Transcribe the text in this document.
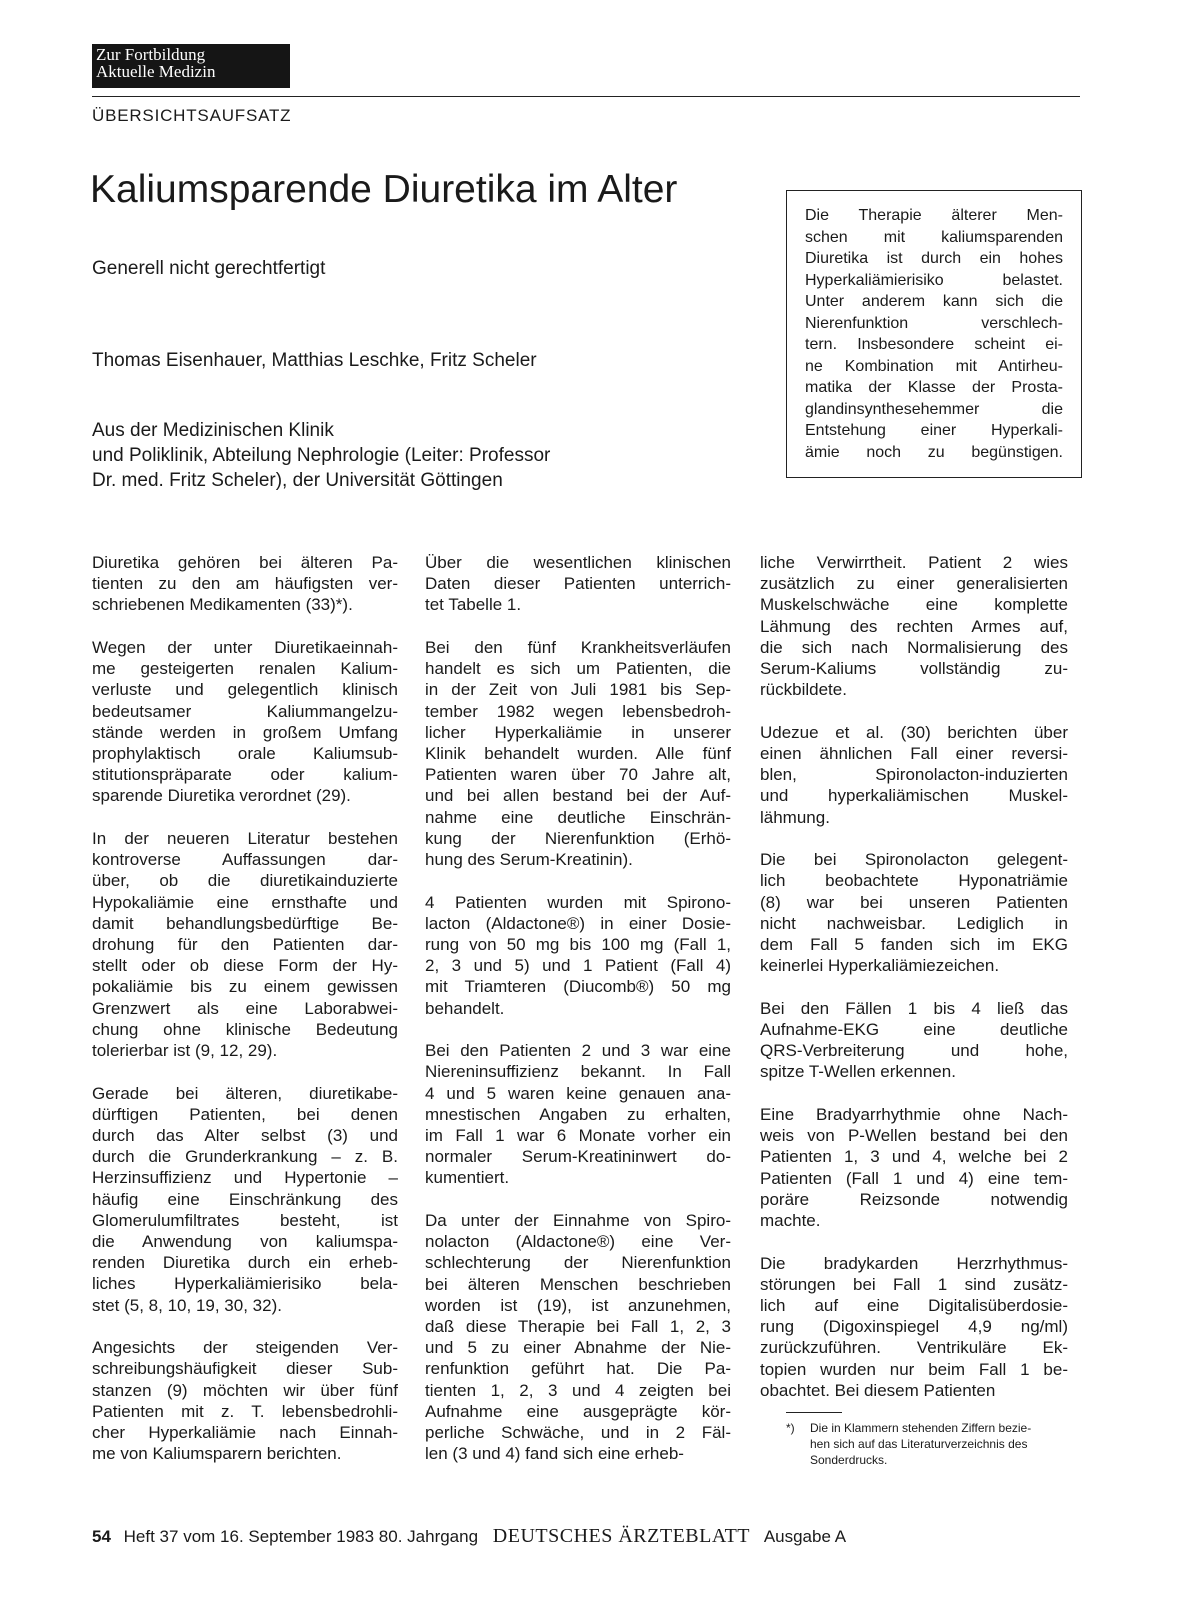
Zur Fortbildung
Aktuelle Medizin
ÜBERSICHTSAUFSATZ
Kaliumsparende Diuretika im Alter
Generell nicht gerechtfertigt
Thomas Eisenhauer, Matthias Leschke, Fritz Scheler
Aus der Medizinischen Klinik
und Poliklinik, Abteilung Nephrologie (Leiter: Professor
Dr. med. Fritz Scheler), der Universität Göttingen
Die Therapie älterer Men-
schen mit kaliumsparenden
Diuretika ist durch ein hohes
Hyperkaliämierisiko belastet.
Unter anderem kann sich die
Nierenfunktion verschlech-
tern. Insbesondere scheint ei-
ne Kombination mit Antirheu-
matika der Klasse der Prosta-
glandinsynthesehemmer die
Entstehung einer Hyperkali-
ämie noch zu begünstigen.
Diuretika gehören bei älteren Pa-
tienten zu den am häufigsten ver-
schriebenen Medikamenten (33)*).
Wegen der unter Diuretikaeinnah-
me gesteigerten renalen Kalium-
verluste und gelegentlich klinisch
bedeutsamer Kaliummangelzu-
stände werden in großem Umfang
prophylaktisch orale Kaliumsub-
stitutionspräparate oder kalium-
sparende Diuretika verordnet (29).
In der neueren Literatur bestehen
kontroverse Auffassungen dar-
über, ob die diuretikainduzierte
Hypokaliämie eine ernsthafte und
damit behandlungsbedürftige Be-
drohung für den Patienten dar-
stellt oder ob diese Form der Hy-
pokaliämie bis zu einem gewissen
Grenzwert als eine Laborabwei-
chung ohne klinische Bedeutung
tolerierbar ist (9, 12, 29).
Gerade bei älteren, diuretikabe-
dürftigen Patienten, bei denen
durch das Alter selbst (3) und
durch die Grunderkrankung – z. B.
Herzinsuffizienz und Hypertonie –
häufig eine Einschränkung des
Glomerulumfiltrates besteht, ist
die Anwendung von kaliumspa-
renden Diuretika durch ein erheb-
liches Hyperkaliämierisiko bela-
stet (5, 8, 10, 19, 30, 32).
Angesichts der steigenden Ver-
schreibungshäufigkeit dieser Sub-
stanzen (9) möchten wir über fünf
Patienten mit z. T. lebensbedrohli-
cher Hyperkaliämie nach Einnah-
me von Kaliumsparern berichten.
Über die wesentlichen klinischen
Daten dieser Patienten unterrich-
tet Tabelle 1.
Bei den fünf Krankheitsverläufen
handelt es sich um Patienten, die
in der Zeit von Juli 1981 bis Sep-
tember 1982 wegen lebensbedroh-
licher Hyperkaliämie in unserer
Klinik behandelt wurden. Alle fünf
Patienten waren über 70 Jahre alt,
und bei allen bestand bei der Auf-
nahme eine deutliche Einschrän-
kung der Nierenfunktion (Erhö-
hung des Serum-Kreatinin).
4 Patienten wurden mit Spirono-
lacton (Aldactone®) in einer Dosie-
rung von 50 mg bis 100 mg (Fall 1,
2, 3 und 5) und 1 Patient (Fall 4)
mit Triamteren (Diucomb®) 50 mg
behandelt.
Bei den Patienten 2 und 3 war eine
Niereninsuffizienz bekannt. In Fall
4 und 5 waren keine genauen ana-
mnestischen Angaben zu erhalten,
im Fall 1 war 6 Monate vorher ein
normaler Serum-Kreatininwert do-
kumentiert.
Da unter der Einnahme von Spiro-
nolacton (Aldactone®) eine Ver-
schlechterung der Nierenfunktion
bei älteren Menschen beschrieben
worden ist (19), ist anzunehmen,
daß diese Therapie bei Fall 1, 2, 3
und 5 zu einer Abnahme der Nie-
renfunktion geführt hat. Die Pa-
tienten 1, 2, 3 und 4 zeigten bei
Aufnahme eine ausgeprägte kör-
perliche Schwäche, und in 2 Fäl-
len (3 und 4) fand sich eine erheb-
liche Verwirrtheit. Patient 2 wies
zusätzlich zu einer generalisierten
Muskelschwäche eine komplette
Lähmung des rechten Armes auf,
die sich nach Normalisierung des
Serum-Kaliums vollständig zu-
rückbildete.
Udezue et al. (30) berichten über
einen ähnlichen Fall einer reversi-
blen, Spironolacton-induzierten
und hyperkaliämischen Muskel-
lähmung.
Die bei Spironolacton gelegent-
lich beobachtete Hyponatriämie
(8) war bei unseren Patienten
nicht nachweisbar. Lediglich in
dem Fall 5 fanden sich im EKG
keinerlei Hyperkaliämiezeichen.
Bei den Fällen 1 bis 4 ließ das
Aufnahme-EKG eine deutliche
QRS-Verbreiterung und hohe,
spitze T-Wellen erkennen.
Eine Bradyarrhythmie ohne Nach-
weis von P-Wellen bestand bei den
Patienten 1, 3 und 4, welche bei 2
Patienten (Fall 1 und 4) eine tem-
poräre Reizsonde notwendig
machte.
Die bradykarden Herzrhythmus-
störungen bei Fall 1 sind zusätz-
lich auf eine Digitalisüberdosie-
rung (Digoxinspiegel 4,9 ng/ml)
zurückzuführen. Ventrikuläre Ek-
topien wurden nur beim Fall 1 be-
obachtet. Bei diesem Patienten
*) Die in Klammern stehenden Ziffern bezie-
hen sich auf das Literaturverzeichnis des
Sonderdrucks.
54 Heft 37 vom 16. September 1983 80. Jahrgang DEUTSCHES ÄRZTEBLATT Ausgabe A
